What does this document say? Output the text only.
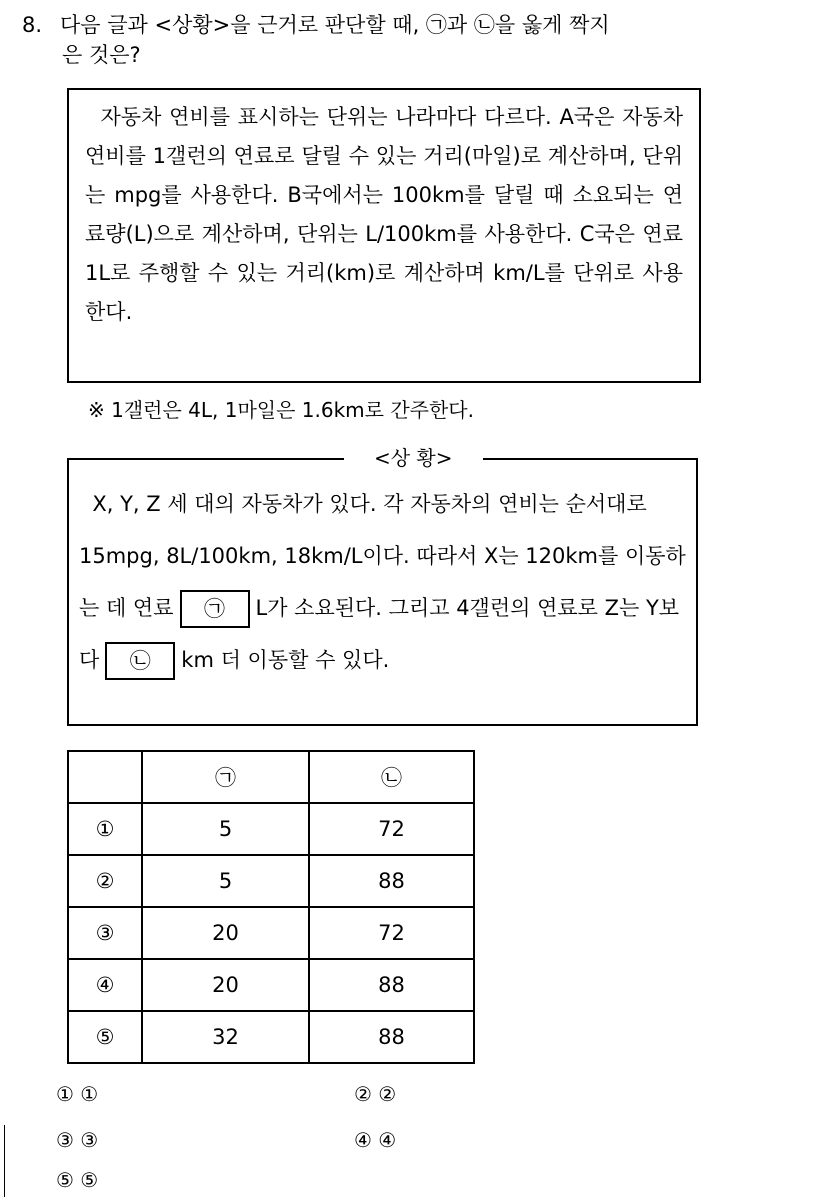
8. 다음 글과 <상황>을 근거로 판단할 때, ㉠과 ㉡을 옳게 짝지
은 것은?
자동차 연비를 표시하는 단위는 나라마다 다르다. A국은 자동차 연비를 1갤런의 연료로 달릴 수 있는 거리(마일)로 계산하며, 단위는 mpg를 사용한다. B국에서는 100km를 달릴 때 소요되는 연료량(L)으로 계산하며, 단위는 L/100km를 사용한다. C국은 연료 1L로 주행할 수 있는 거리(km)로 계산하며 km/L를 단위로 사용한다.
※ 1갤런은 4L, 1마일은 1.6km로 간주한다.
<상 황>
X, Y, Z 세 대의 자동차가 있다. 각 자동차의 연비는 순서대로 15mpg, 8L/100km, 18km/L이다. 따라서 X는 120km를 이동하는 데 연료 ㉠ L가 소요된다. 그리고 4갤런의 연료로 Z는 Y보다 ㉡ km 더 이동할 수 있다.
	㉠	㉡
①	5	72
②	5	88
③	20	72
④	20	88
⑤	32	88
① ①	② ②
③ ③	④ ④
⑤ ⑤
